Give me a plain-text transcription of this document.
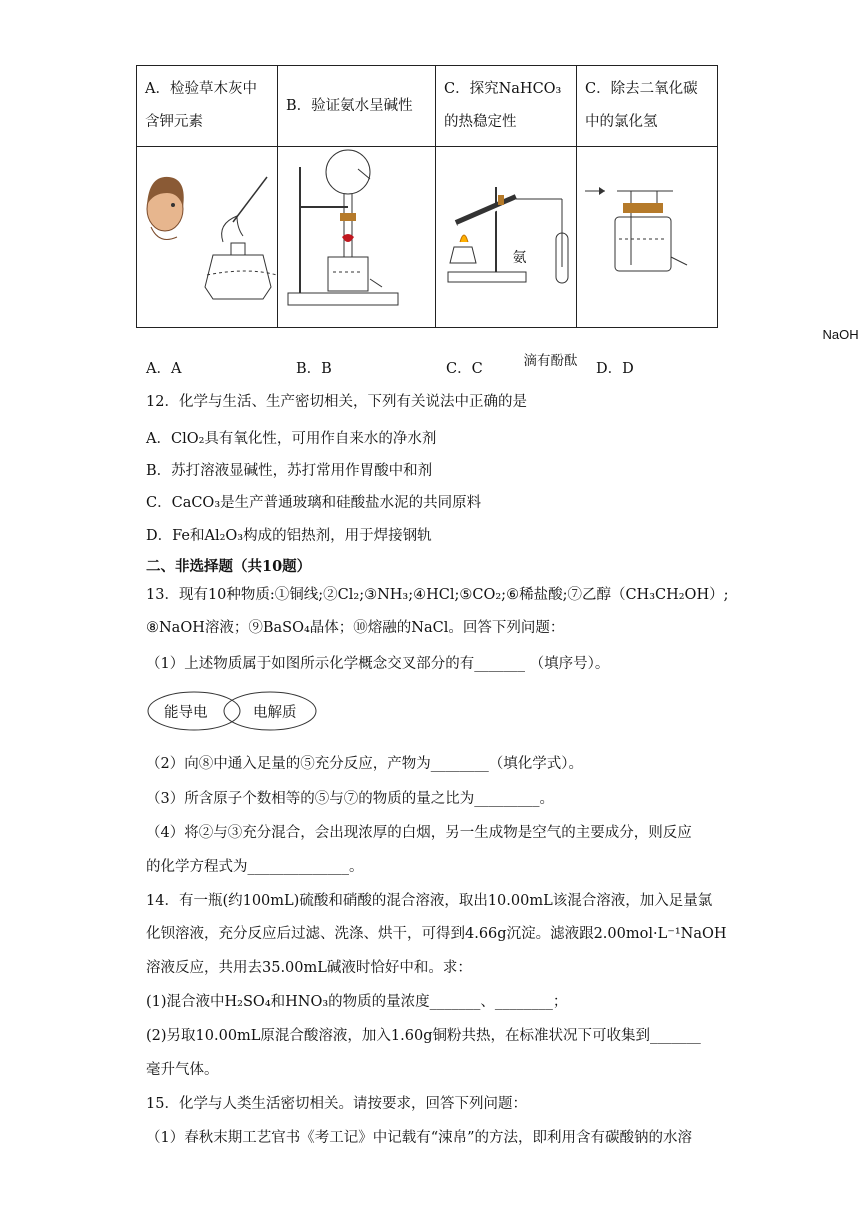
A．检验草木灰中含钾元素	B．验证氨水呈碱性	C．探究NaHCO₃的热稳定性	C．除去二氧化碳中的氯化氢

氨
滴有酚酞		NaOH
A．A	B．B	C．C	D．D
12．化学与生活、生产密切相关，下列有关说法中正确的是
A．ClO₂具有氧化性，可用作自来水的净水剂
B．苏打溶液显碱性，苏打常用作胃酸中和剂
C．CaCO₃是生产普通玻璃和硅酸盐水泥的共同原料
D．Fe和Al₂O₃构成的铝热剂，用于焊接钢轨
二、非选择题（共10题）
13．现有10种物质:①铜线;②Cl₂;③NH₃;④HCl;⑤CO₂;⑥稀盐酸;⑦乙醇（CH₃CH₂OH）;
⑧NaOH溶液；⑨BaSO₄晶体；⑩熔融的NaCl。回答下列问题：
（1）上述物质属于如图所示化学概念交叉部分的有_______ （填序号）。
能导电	电解质
（2）向⑧中通入足量的⑤充分反应，产物为________（填化学式）。
（3）所含原子个数相等的⑤与⑦的物质的量之比为_________。
（4）将②与③充分混合，会出现浓厚的白烟，另一生成物是空气的主要成分，则反应
的化学方程式为______________。
14．有一瓶(约100mL)硫酸和硝酸的混合溶液，取出10.00mL该混合溶液，加入足量氯
化钡溶液，充分反应后过滤、洗涤、烘干，可得到4.66g沉淀。滤液跟2.00mol·L⁻¹NaOH
溶液反应，共用去35.00mL碱液时恰好中和。求：
(1)混合液中H₂SO₄和HNO₃的物质的量浓度_______、________；
(2)另取10.00mL原混合酸溶液，加入1.60g铜粉共热，在标准状况下可收集到_______
毫升气体。
15．化学与人类生活密切相关。请按要求，回答下列问题：
（1）春秋末期工艺官书《考工记》中记载有“涑帛”的方法，即利用含有碳酸钠的水溶
